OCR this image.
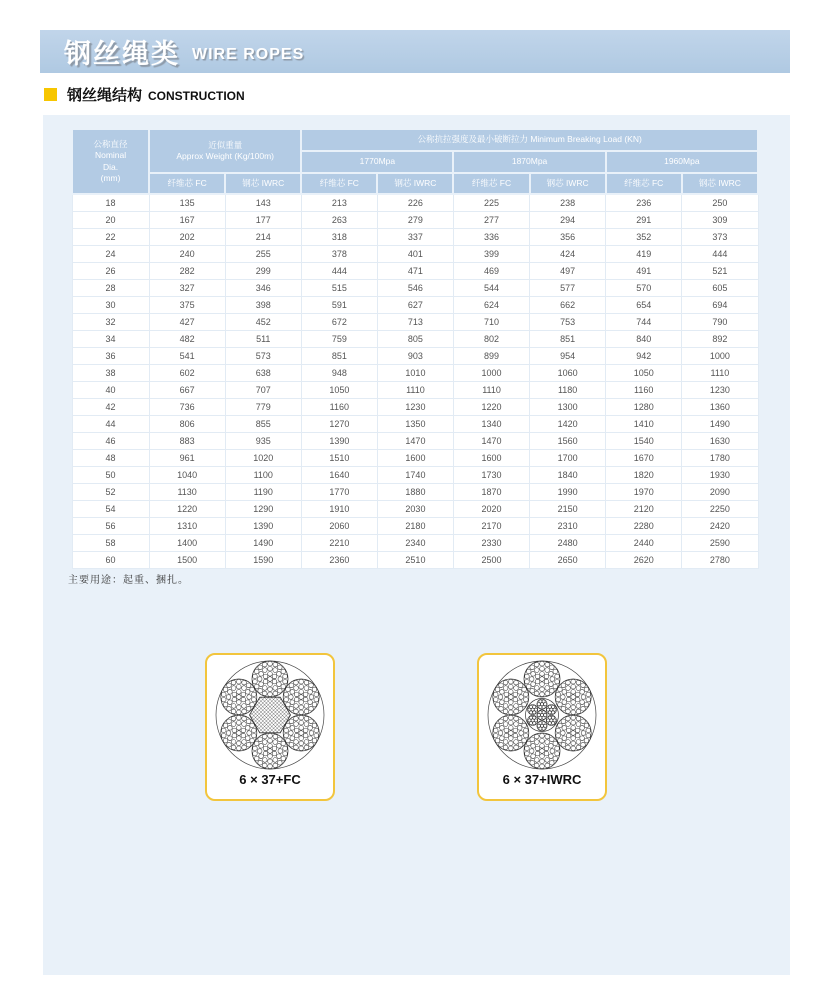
钢丝绳类 WIRE ROPES
钢丝绳结构 CONSTRUCTION
公称直径
Nominal
Dia.
(mm)	近似重量
Approx Weight (Kg/100m)		公称抗拉强度及最小破断拉力 Minimum Breaking Load (KN)					
			1770Mpa		1870Mpa		1960Mpa	
	纤维芯 FC	钢芯 IWRC	纤维芯 FC	钢芯 IWRC	纤维芯 FC	钢芯 IWRC	纤维芯 FC	钢芯 IWRC
18	135	143	213	226	225	238	236	250
20	167	177	263	279	277	294	291	309
22	202	214	318	337	336	356	352	373
24	240	255	378	401	399	424	419	444
26	282	299	444	471	469	497	491	521
28	327	346	515	546	544	577	570	605
30	375	398	591	627	624	662	654	694
32	427	452	672	713	710	753	744	790
34	482	511	759	805	802	851	840	892
36	541	573	851	903	899	954	942	1000
38	602	638	948	1010	1000	1060	1050	1110
40	667	707	1050	1110	1110	1180	1160	1230
42	736	779	1160	1230	1220	1300	1280	1360
44	806	855	1270	1350	1340	1420	1410	1490
46	883	935	1390	1470	1470	1560	1540	1630
48	961	1020	1510	1600	1600	1700	1670	1780
50	1040	1100	1640	1740	1730	1840	1820	1930
52	1130	1190	1770	1880	1870	1990	1970	2090
54	1220	1290	1910	2030	2020	2150	2120	2250
56	1310	1390	2060	2180	2170	2310	2280	2420
58	1400	1490	2210	2340	2330	2480	2440	2590
60	1500	1590	2360	2510	2500	2650	2620	2780
主要用途：起重、捆扎。
6 × 37+FC	6 × 37+IWRC
